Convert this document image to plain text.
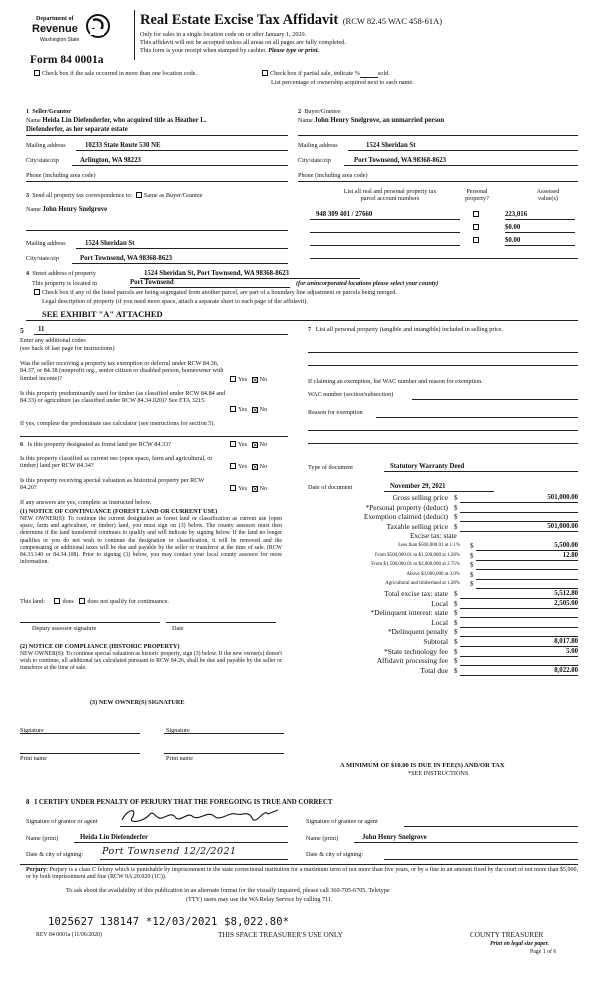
Department of
Revenue
Washington State
Form 84 0001a
Real Estate Excise Tax Affidavit (RCW 82.45 WAC 458-61A)
Only for sales in a single location code on or after January 1, 2020.
This affidavit will not be accepted unless all areas on all pages are fully completed.
This form is your receipt when stamped by cashier. Please type or print.
Check box if the sale occurred in more than one location code.	Check box if partial sale, indicate %	sold.
List percentage of ownership acquired next to each name.
1 Seller/Grantor
Name Heida Lin Diefenderfer, who acquired title as Heather L.
Diefenderfer, as her separate estate
Mailing address	10233 State Route 530 NE
City/state/zip	Arlington, WA 98223
Phone (including area code)
2 Buyer/Grantee
Name John Henry Snelgrove, an unmarried person
Mailing address	1524 Sheridan St
City/state/zip	Port Townsend, WA 98368-8623
Phone (including area code)
3 Send all property tax correspondence to: Same as Buyer/Grantee
Name John Henry Snelgrove
Mailing address	1524 Sheridan St
City/state/zip	Port Townsend, WA 98368-8623
List all real and personal property tax
parcel account numbers
Personal
property?
Assessed
value(s)
948 309 401 / 27660	223,016
$0.00
$0.00
4 Street address of property	1524 Sheridan St, Port Townsend, WA 98368-8623
This property is located in	Port Townsend	(for unincorporated locations please select your county)
Check box if any of the listed parcels are being segregated from another parcel, are part of a boundary line adjustment or parcels being merged.
Legal description of property (if you need more space, attach a separate sheet to each page of the affidavit).
SEE EXHIBIT "A" ATTACHED
5 11
Enter any additional codes
(see back of last page for instructions)
Was the seller receiving a property tax exemption or deferral under RCW 84.36, 84.37, or 84.38 (nonprofit org., senior citizen or disabled person, homeowner with limited income)?	Yes ✕ No
Is this property predominantly used for timber (as classified under RCW 84.84 and 84.33) or agriculture (as classified under RCW 84.34.020)? See ETA 3215.
Yes ✕ No
If yes, complete the predominate use calculator (see instructions for section 5).
6 Is this property designated as forest land per RCW 84.33?	Yes ✕ No
Is this property classified as current use (open space, farm and agricultural, or timber) land per RCW 84.34?	Yes ✕ No
Is this property receiving special valuation as historical property per RCW 84.26?	Yes ✕ No
If any answers are yes, complete as instructed below.
(1) NOTICE OF CONTINUANCE (FOREST LAND OR CURRENT USE)
NEW OWNER(S): To continue the current designation as forest land or classification as current use (open space, farm and agriculture, or timber) land, you must sign on (3) below. The county assessor must then determine if the land transferred continues to qualify and will indicate by signing below. If the land no longer qualifies or you do not wish to continue the designation or classification, it will be removed and the compensating or additional taxes will be due and payable by the seller or transferor at the time of sale. (RCW 84.33.140 or 84.34.108). Prior to signing (3) below, you may contact your local county assessor for more information.
This land:	does does not qualify for continuance.
Deputy assessor signature	Date
(2) NOTICE OF COMPLIANCE (HISTORIC PROPERTY)
NEW OWNER(S): To continue special valuation as historic property, sign (3) below. If the new owner(s) doesn't wish to continue, all additional tax calculated pursuant to RCW 84.26, shall be due and payable by the seller or transferor at the time of sale.
(3) NEW OWNER(S) SIGNATURE
Signature	Signature
Print name	Print name
7 List all personal property (tangible and intangible) included in selling price.
If claiming an exemption, list WAC number and reason for exemption.
WAC number (section/subsection)
Reason for exemption
Type of document	Statutory Warranty Deed
Date of document	November 29, 2021
Gross selling price $	501,000.00
*Personal property (deduct) $
Exemption claimed (deduct) $
Taxable selling price $	501,000.00
Excise tax: state
Less than $500,000.01 at 1.1% $	5,500.00
From $500,000.01 to $1,500,000 at 1.28% $	12.80
From $1,500,000.01 to $3,000,000 at 2.75% $
Above $3,000,000 at 3.0% $
Agricultural and timberland at 1.28% $
Total excise tax: state $	5,512.80
Local $	2,505.00
*Delinquent interest: state $
Local $
*Delinquent penalty $
Subtotal $	8,017.80
*State technology fee $	5.00
Affidavit processing fee $
Total due $	8,022.80
A MINIMUM OF $10.00 IS DUE IN FEE(S) AND/OR TAX
*SEE INSTRUCTIONS
8 I CERTIFY UNDER PENALTY OF PERJURY THAT THE FOREGOING IS TRUE AND CORRECT
Signature of grantor or agent	Signature of grantee or agent
Name (print)	Heida Lin Diefenderfer	Name (print)	John Henry Snelgrove
Date & city of signing: Port Townsend 12/2/2021	Date & city of signing:
Perjury: Perjury is a class C felony which is punishable by imprisonment in the state correctional institution for a maximum term of not more than five years, or by a fine in an amount fixed by the court of not more than $5,000, or by both imprisonment and fine (RCW 9A.20.020 (1C)).
To ask about the availability of this publication in an alternate format for the visually impaired, please call 360-705-6705. Teletype
(TTY) users may use the WA Relay Service by calling 711.
1025627 138147 *12/03/2021 $8,022.80*
REV 84 0001a (11/06/2020)	THIS SPACE TREASURER'S USE ONLY	COUNTY TREASURER
Print on legal size paper.
Page 1 of 6
